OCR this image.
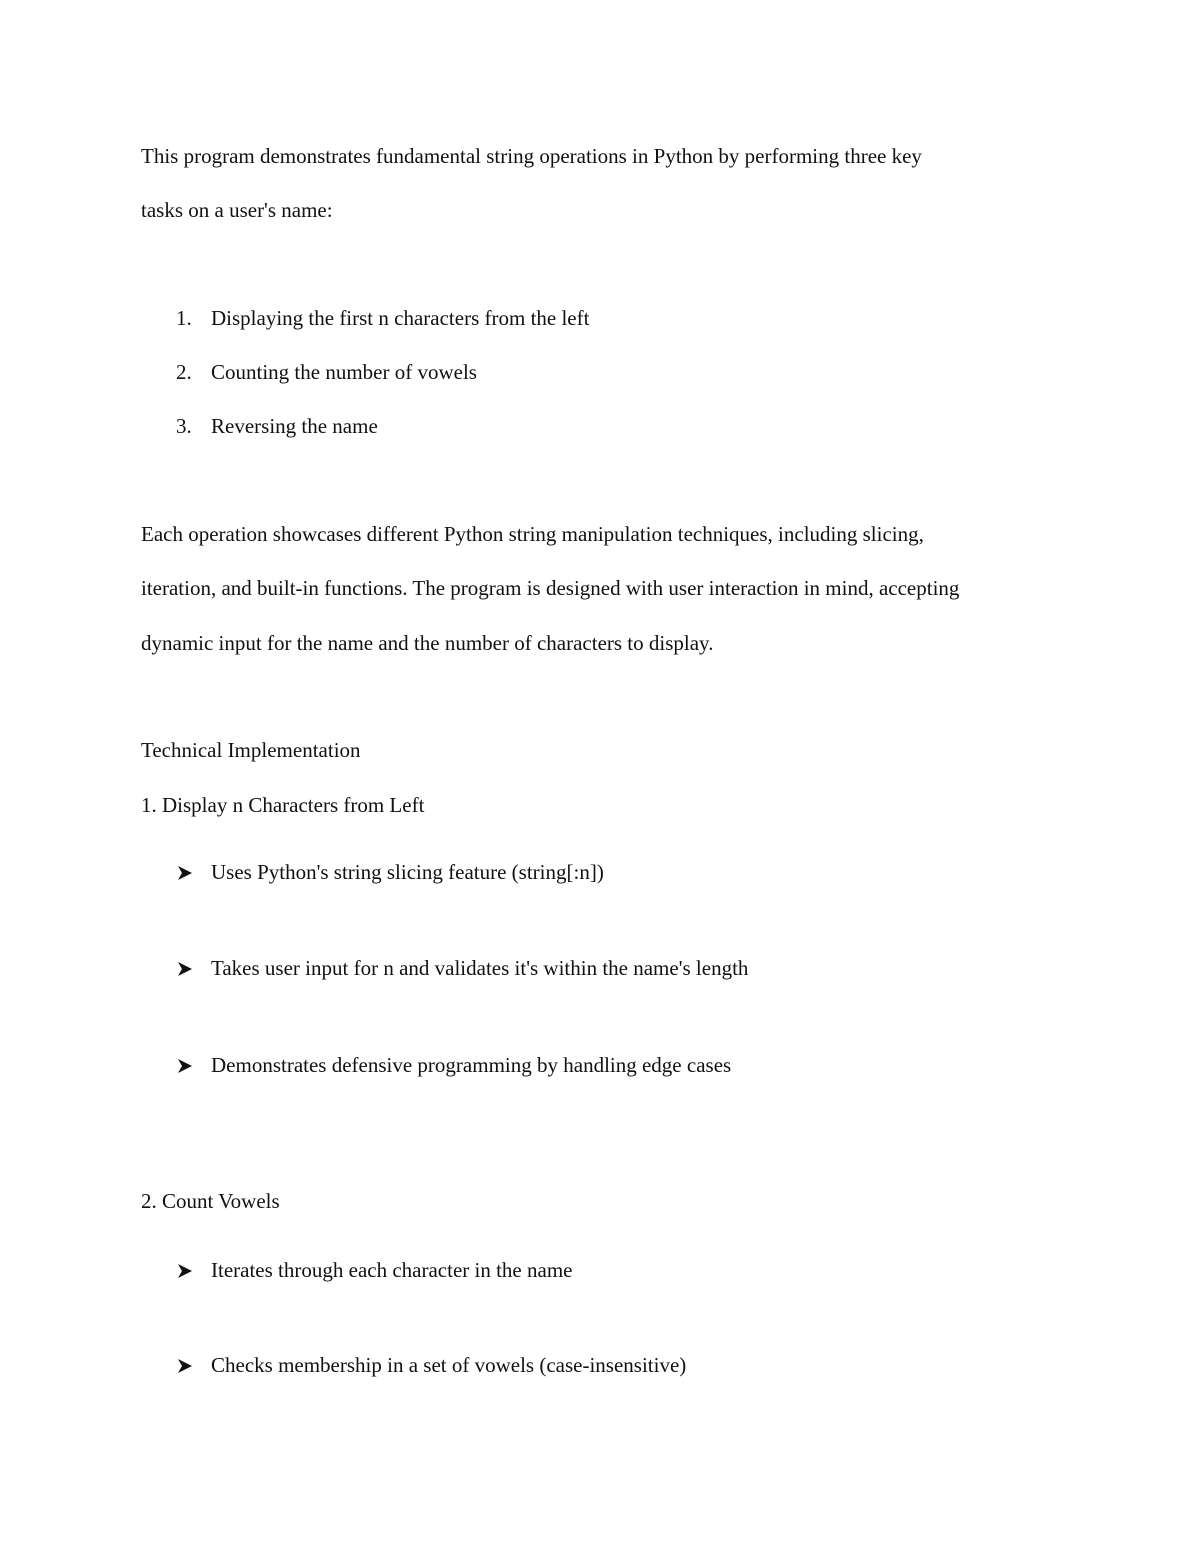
This program demonstrates fundamental string operations in Python by performing three key
tasks on a user's name:
1. Displaying the first n characters from the left
2. Counting the number of vowels
3. Reversing the name
Each operation showcases different Python string manipulation techniques, including slicing,
iteration, and built-in functions. The program is designed with user interaction in mind, accepting
dynamic input for the name and the number of characters to display.
Technical Implementation
1. Display n Characters from Left
Uses Python's string slicing feature (string[:n])
Takes user input for n and validates it's within the name's length
Demonstrates defensive programming by handling edge cases
2. Count Vowels
Iterates through each character in the name
Checks membership in a set of vowels (case-insensitive)
